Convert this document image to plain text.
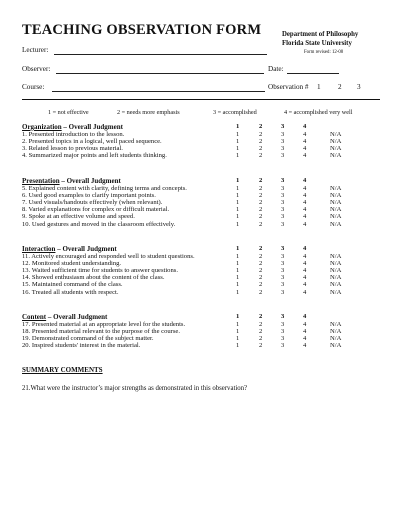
TEACHING OBSERVATION FORM	Department of Philosophy
Florida State University
Form revised: 12-08
Lecturer:
Observer:	Date:
Course:	Observation # 1 2 3
1 = not effective	2 = needs more emphasis	3 = accomplished	4 = accomplished very well
Organization – Overall Judgment	1	2	3	4
1. Presented introduction to the lesson.	1	2	3	4	N/A
2. Presented topics in a logical, well paced sequence.	1	2	3	4	N/A
3. Related lesson to previous material.	1	2	3	4	N/A
4. Summarized major points and left students thinking.	1	2	3	4	N/A
Presentation – Overall Judgment	1	2	3	4
5. Explained content with clarity, defining terms and concepts.	1	2	3	4	N/A
6. Used good examples to clarify important points.	1	2	3	4	N/A
7. Used visuals/handouts effectively (when relevant).	1	2	3	4	N/A
8. Varied explanations for complex or difficult material.	1	2	3	4	N/A
9. Spoke at an effective volume and speed.	1	2	3	4	N/A
10. Used gestures and moved in the classroom effectively.	1	2	3	4	N/A
Interaction – Overall Judgment	1	2	3	4
11. Actively encouraged and responded well to student questions.	1	2	3	4	N/A
12. Monitored student understanding.	1	2	3	4	N/A
13. Waited sufficient time for students to answer questions.	1	2	3	4	N/A
14. Showed enthusiasm about the content of the class.	1	2	3	4	N/A
15. Maintained command of the class.	1	2	3	4	N/A
16. Treated all students with respect.	1	2	3	4	N/A
Content – Overall Judgment	1	2	3	4
17. Presented material at an appropriate level for the students.	1	2	3	4	N/A
18. Presented material relevant to the purpose of the course.	1	2	3	4	N/A
19. Demonstrated command of the subject matter.	1	2	3	4	N/A
20. Inspired students' interest in the material.	1	2	3	4	N/A
SUMMARY COMMENTS
21.What were the instructor’s major strengths as demonstrated in this observation?
